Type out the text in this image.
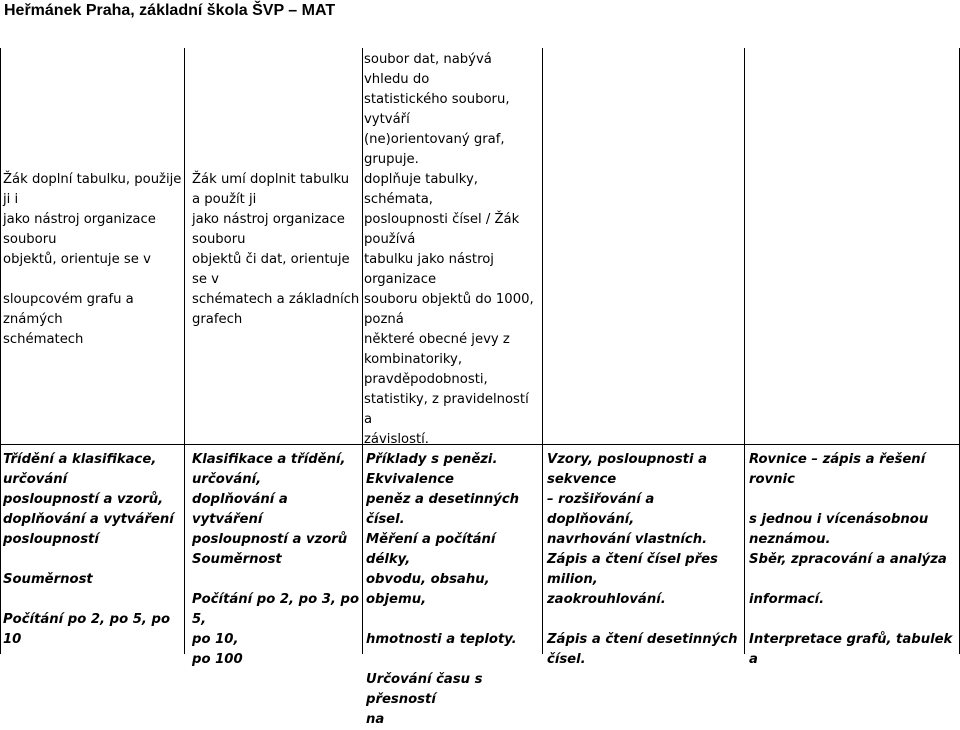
Heřmánek Praha, základní škola ŠVP – MAT
Žák doplní tabulku, použije ji i
jako nástroj organizace souboru
objektů, orientuje se v

sloupcovém grafu a známých
schématech
Žák umí doplnit tabulku
a použít ji
jako nástroj organizace
souboru
objektů či dat, orientuje
se v
schématech a základních
grafech
soubor dat, nabývá
vhledu do
statistického souboru,
vytváří
(ne)orientovaný graf,
grupuje.
doplňuje tabulky,
schémata,
posloupnosti čísel / Žák
používá
tabulku jako nástroj
organizace
souboru objektů do 1000,
pozná
některé obecné jevy z
kombinatoriky,
pravděpodobnosti,
statistiky, z pravidelností
a
závislostí.
Třídění a klasifikace,
určování
posloupností a vzorů,
doplňování a vytváření
posloupností

Souměrnost

Počítání po 2, po 5, po 10
Klasifikace a třídění,
určování,
doplňování a vytváření
posloupností a vzorů
Souměrnost

Počítání po 2, po 3, po 5,
po 10,
po 100
Příklady s penězi.
Ekvivalence
peněz a desetinných čísel.
Měření a počítání délky,
obvodu, obsahu, objemu,

hmotnosti a teploty.

Určování času s přesností
na
Vzory, posloupnosti a
sekvence
– rozšiřování a doplňování,
navrhování vlastních.
Zápis a čtení čísel přes
milion,
zaokrouhlování.

Zápis a čtení desetinných
čísel.
Rovnice – zápis a řešení rovnic

s jednou i vícenásobnou
neznámou.
Sběr, zpracování a analýza

informací.

Interpretace grafů, tabulek a
